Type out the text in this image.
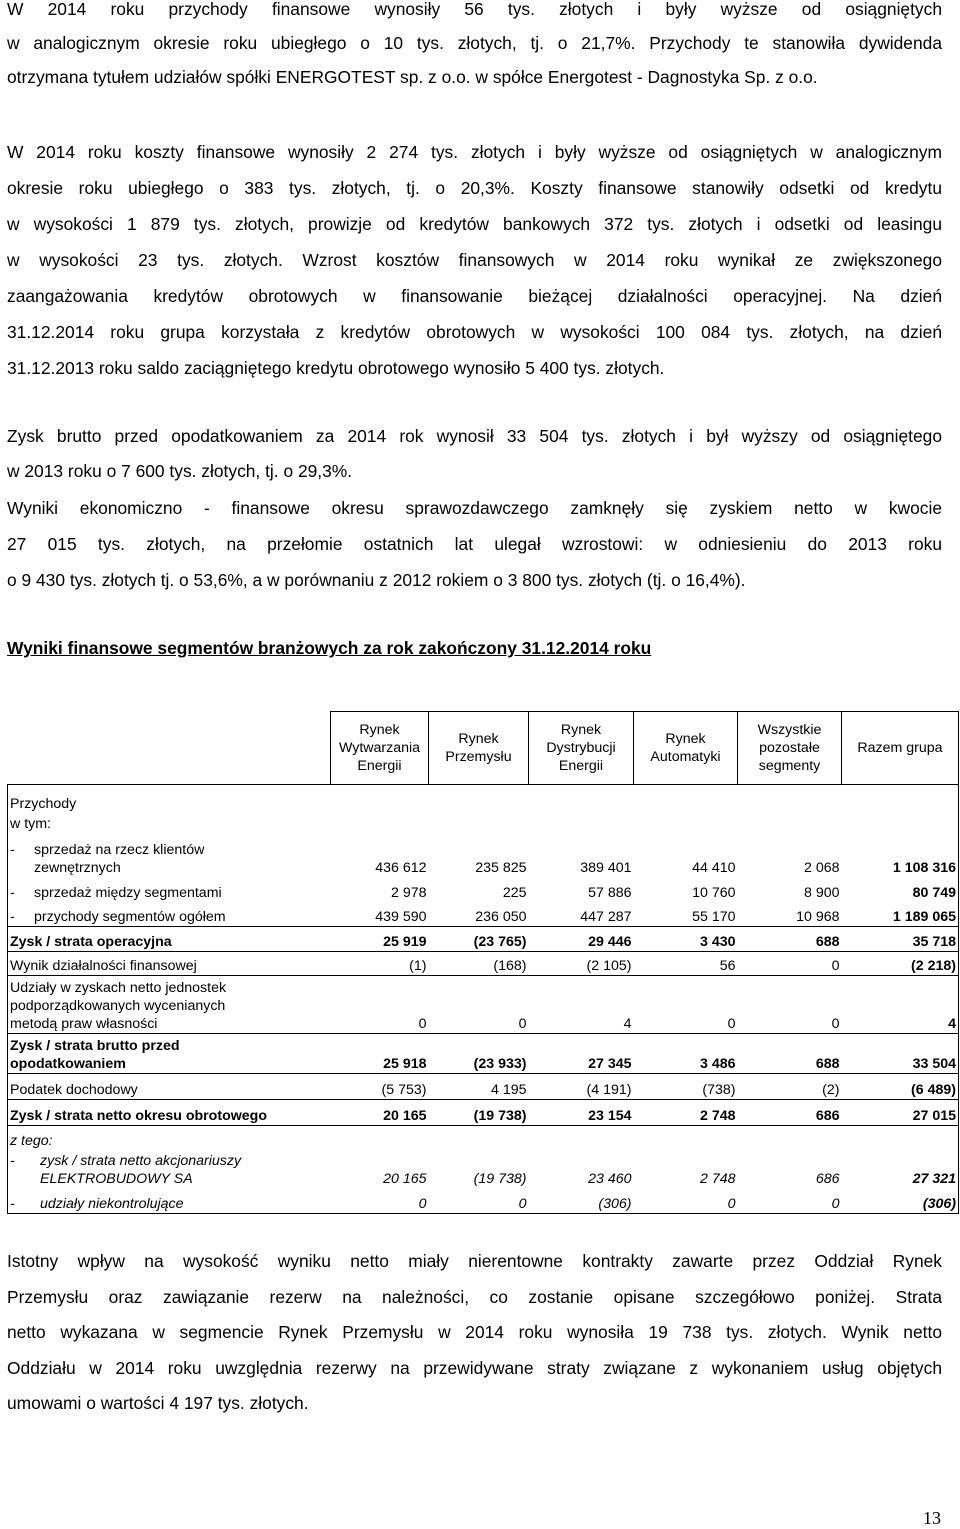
W 2014 roku przychody finansowe wynosiły 56 tys. złotych i były wyższe od osiągniętych
w analogicznym okresie roku ubiegłego o 10 tys. złotych, tj. o 21,7%. Przychody te stanowiła dywidenda
otrzymana tytułem udziałów spółki ENERGOTEST sp. z o.o. w spółce Energotest - Dagnostyka Sp. z o.o.
W 2014 roku koszty finansowe wynosiły 2 274 tys. złotych i były wyższe od osiągniętych w analogicznym
okresie roku ubiegłego o 383 tys. złotych, tj. o 20,3%. Koszty finansowe stanowiły odsetki od kredytu
w wysokości 1 879 tys. złotych, prowizje od kredytów bankowych 372 tys. złotych i odsetki od leasingu
w wysokości 23 tys. złotych. Wzrost kosztów finansowych w 2014 roku wynikał ze zwiększonego
zaangażowania kredytów obrotowych w finansowanie bieżącej działalności operacyjnej. Na dzień
31.12.2014 roku grupa korzystała z kredytów obrotowych w wysokości 100 084 tys. złotych, na dzień
31.12.2013 roku saldo zaciągniętego kredytu obrotowego wynosiło 5 400 tys. złotych.
Zysk brutto przed opodatkowaniem za 2014 rok wynosił 33 504 tys. złotych i był wyższy od osiągniętego
w 2013 roku o 7 600 tys. złotych, tj. o 29,3%.
Wyniki ekonomiczno - finansowe okresu sprawozdawczego zamknęły się zyskiem netto w kwocie
27 015 tys. złotych, na przełomie ostatnich lat ulegał wzrostowi: w odniesieniu do 2013 roku
o 9 430 tys. złotych tj. o 53,6%, a w porównaniu z 2012 rokiem o 3 800 tys. złotych (tj. o 16,4%).

Wyniki finansowe segmentów branżowych za rok zakończony 31.12.2014 roku

	Rynek Wytwarzania Energii	Rynek Przemysłu	Rynek Dystrybucji Energii	Rynek Automatyki	Wszystkie pozostałe segmenty	Razem grupa
Przychody						
w tym:						
- sprzedaż na rzecz klientów zewnętrznych	436 612	235 825	389 401	44 410	2 068	1 108 316
- sprzedaż między segmentami	2 978	225	57 886	10 760	8 900	80 749
- przychody segmentów ogółem	439 590	236 050	447 287	55 170	10 968	1 189 065
Zysk / strata operacyjna	25 919	(23 765)	29 446	3 430	688	35 718
Wynik działalności finansowej	(1)	(168)	(2 105)	56	0	(2 218)
Udziały w zyskach netto jednostek podporządkowanych wycenianych metodą praw własności	0	0	4	0	0	4
Zysk / strata brutto przed opodatkowaniem	25 918	(23 933)	27 345	3 486	688	33 504
Podatek dochodowy	(5 753)	4 195	(4 191)	(738)	(2)	(6 489)
Zysk / strata netto okresu obrotowego	20 165	(19 738)	23 154	2 748	686	27 015
z tego:						
- zysk / strata netto akcjonariuszy ELEKTROBUDOWY SA	20 165	(19 738)	23 460	2 748	686	27 321
- udziały niekontrolujące	0	0	(306)	0	0	(306)
Istotny wpływ na wysokość wyniku netto miały nierentowne kontrakty zawarte przez Oddział Rynek
Przemysłu oraz zawiązanie rezerw na należności, co zostanie opisane szczegółowo poniżej. Strata
netto wykazana w segmencie Rynek Przemysłu w 2014 roku wynosiła 19 738 tys. złotych. Wynik netto
Oddziału w 2014 roku uwzględnia rezerwy na przewidywane straty związane z wykonaniem usług objętych
umowami o wartości 4 197 tys. złotych.
13
